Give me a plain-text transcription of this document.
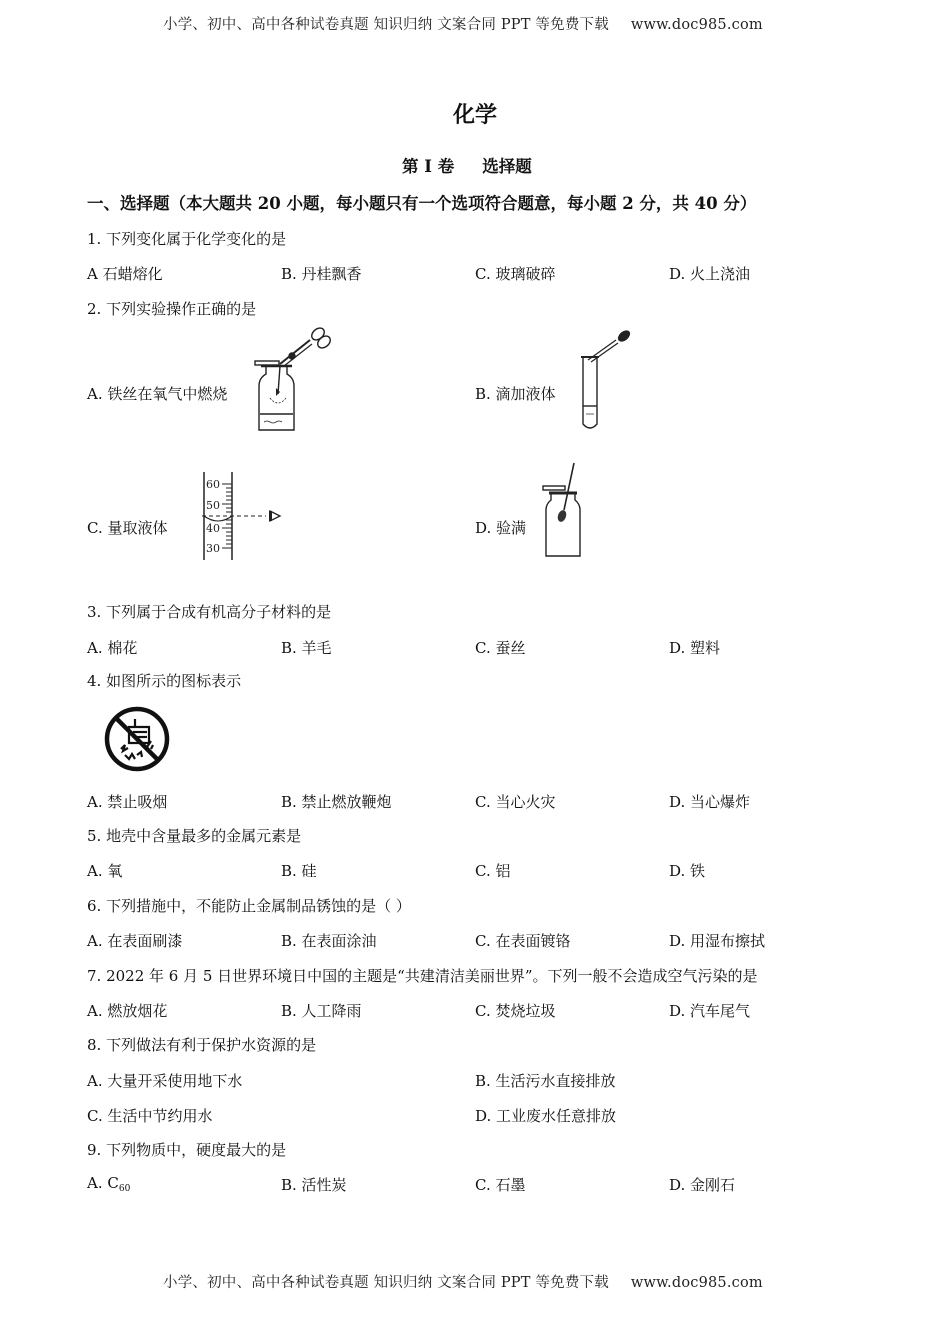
小学、初中、高中各种试卷真题 知识归纳 文案合同 PPT 等免费下载 www.doc985.com
化学
第 I 卷 选择题
一、选择题（本大题共 20 小题，每小题只有一个选项符合题意，每小题 2 分，共 40 分）
1. 下列变化属于化学变化的是
A 石蜡熔化	B. 丹桂飘香	C. 玻璃破碎	D. 火上浇油
2. 下列实验操作正确的是
A. 铁丝在氧气中燃烧	B. 滴加液体
C. 量取液体	D. 验满
60
50
40
30
3. 下列属于合成有机高分子材料的是
A. 棉花	B. 羊毛	C. 蚕丝	D. 塑料
4. 如图所示的图标表示
A. 禁止吸烟	B. 禁止燃放鞭炮	C. 当心火灾	D. 当心爆炸
5. 地壳中含量最多的金属元素是
A. 氧	B. 硅	C. 铝	D. 铁
6. 下列措施中，不能防止金属制品锈蚀的是（ ）
A. 在表面刷漆	B. 在表面涂油	C. 在表面镀铬	D. 用湿布擦拭
7. 2022 年 6 月 5 日世界环境日中国的主题是“共建清洁美丽世界”。下列一般不会造成空气污染的是
A. 燃放烟花	B. 人工降雨	C. 焚烧垃圾	D. 汽车尾气
8. 下列做法有利于保护水资源的是
A. 大量开采使用地下水	B. 生活污水直接排放
C. 生活中节约用水	D. 工业废水任意排放
9. 下列物质中，硬度最大的是
A. $C_{60}$	B. 活性炭	C. 石墨	D. 金刚石
小学、初中、高中各种试卷真题 知识归纳 文案合同 PPT 等免费下载 www.doc985.com
